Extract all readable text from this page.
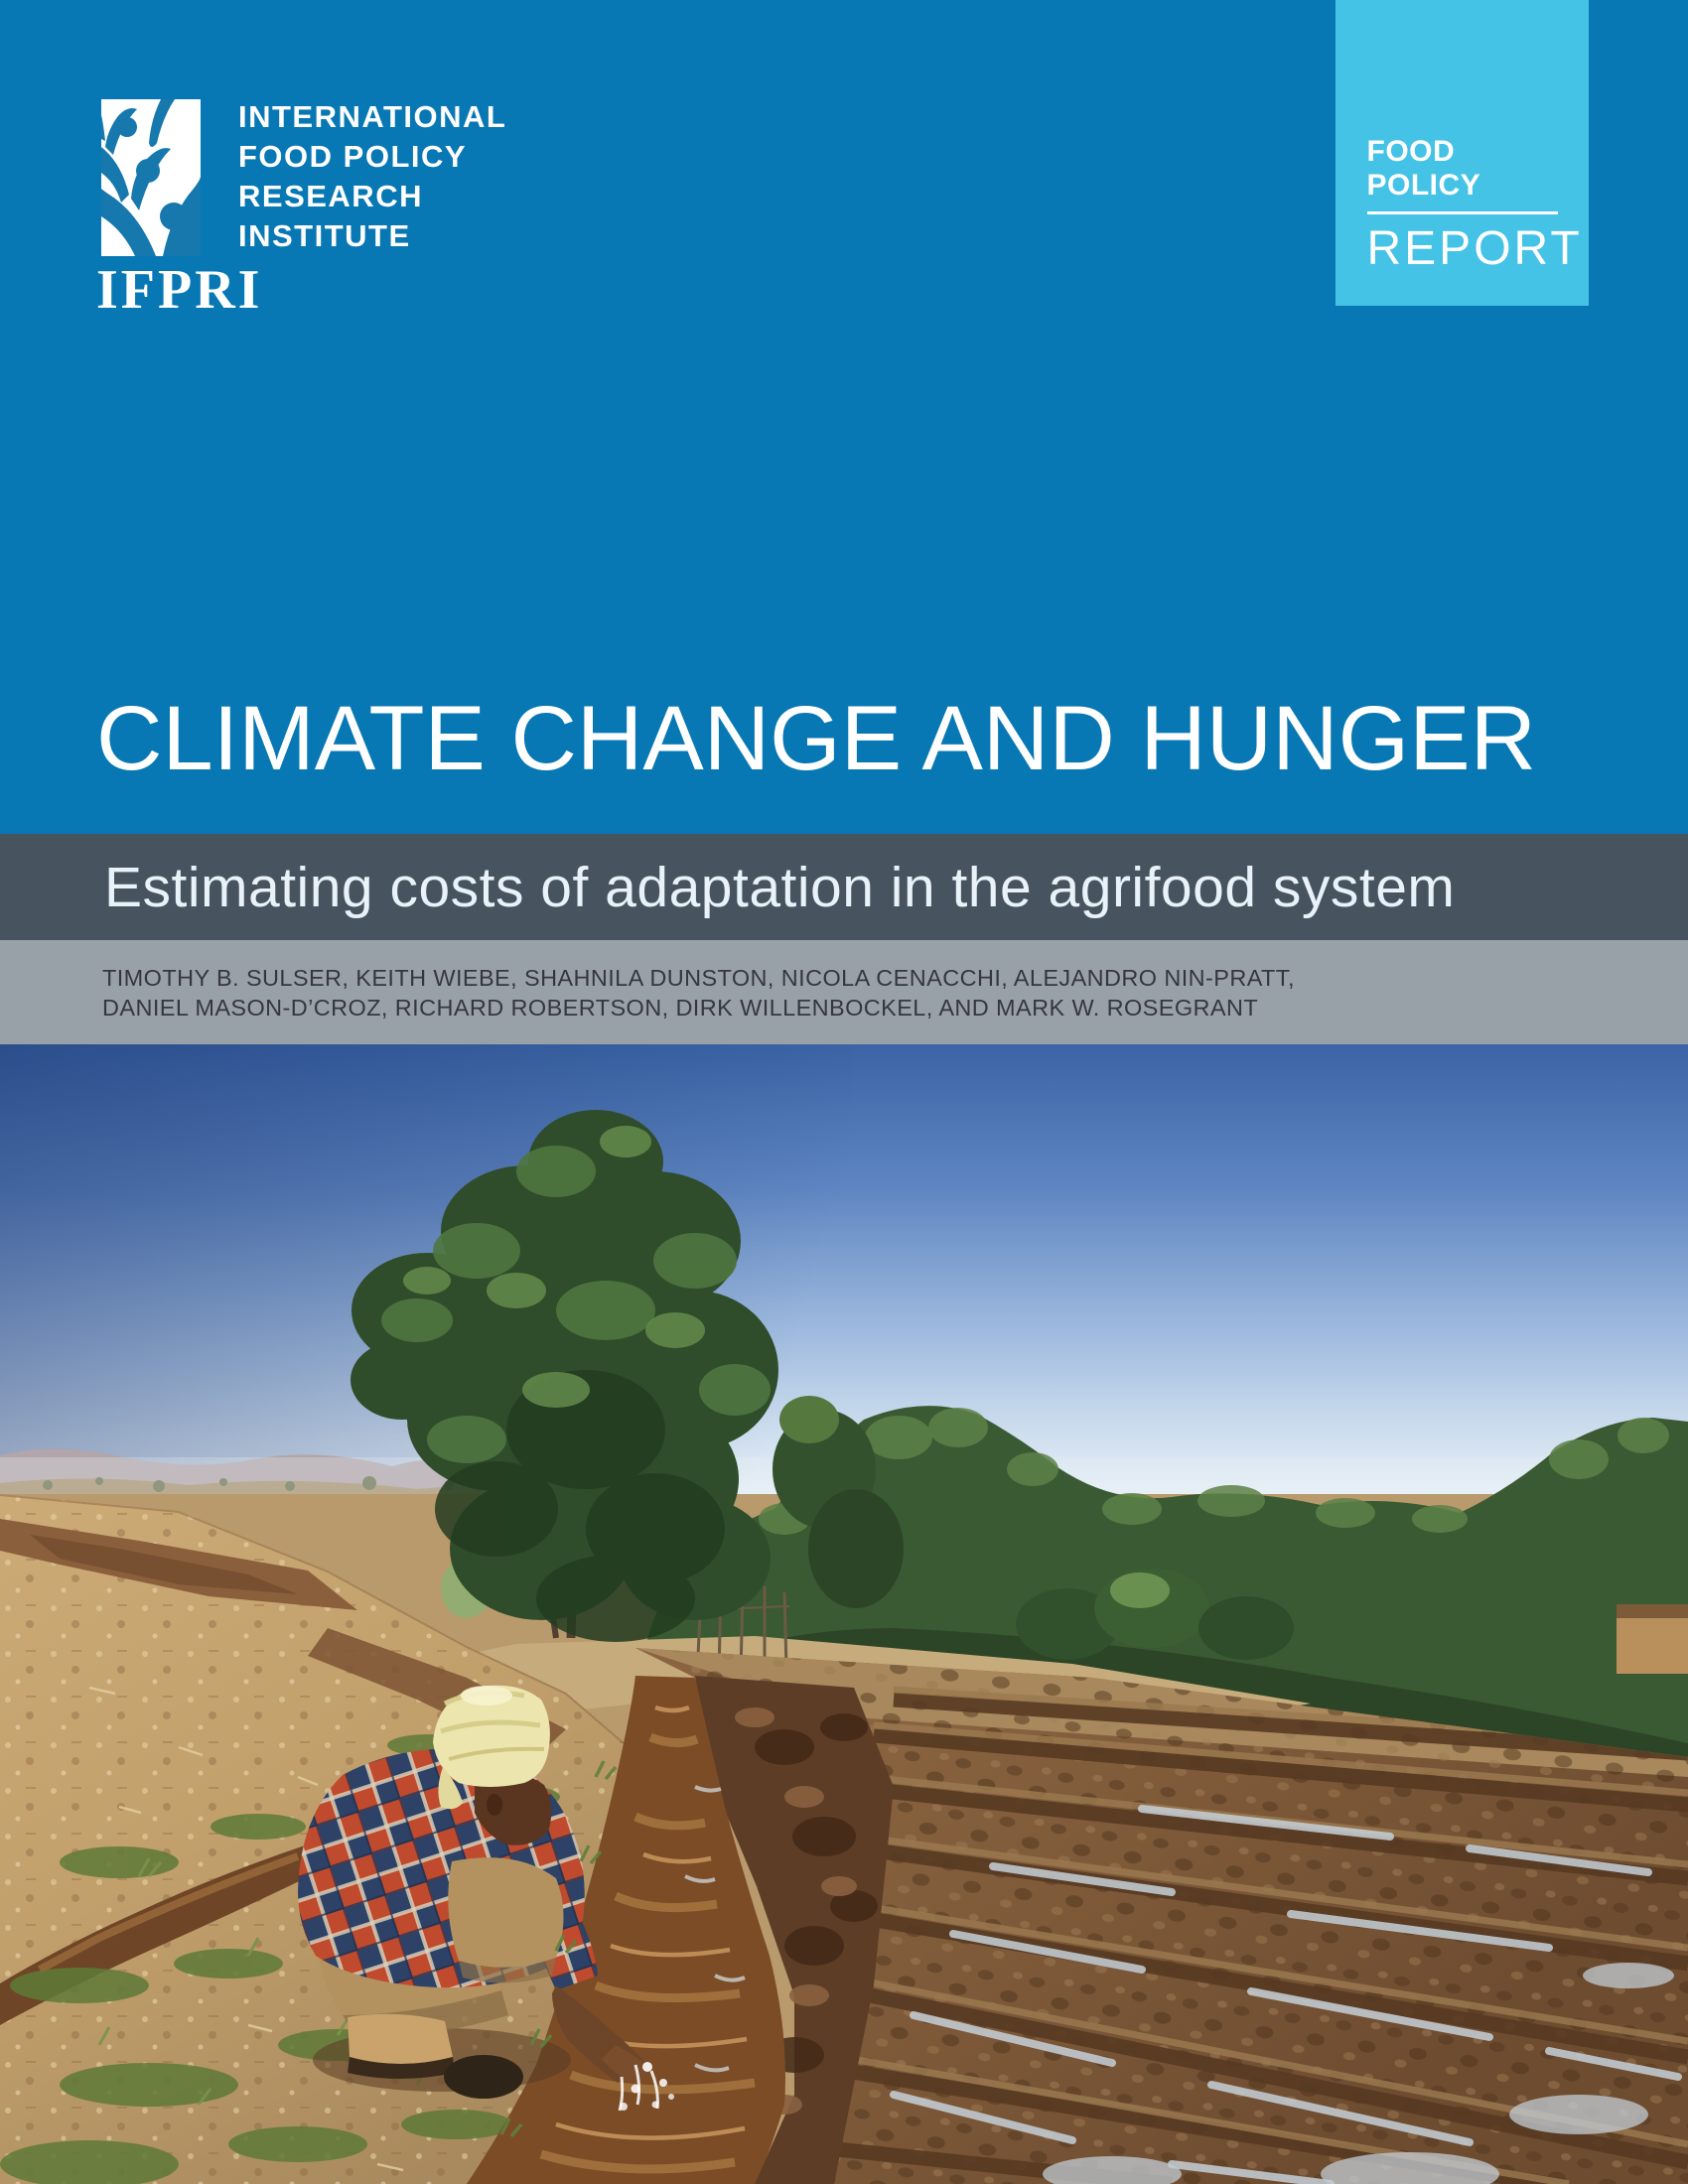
INTERNATIONAL
FOOD POLICY
RESEARCH
INSTITUTE
IFPRI
FOOD POLICY
REPORT
CLIMATE CHANGE AND HUNGER
Estimating costs of adaptation in the agrifood system
TIMOTHY B. SULSER, KEITH WIEBE, SHAHNILA DUNSTON, NICOLA CENACCHI, ALEJANDRO NIN-PRATT,
DANIEL MASON-D’CROZ, RICHARD ROBERTSON, DIRK WILLENBOCKEL, AND MARK W. ROSEGRANT
